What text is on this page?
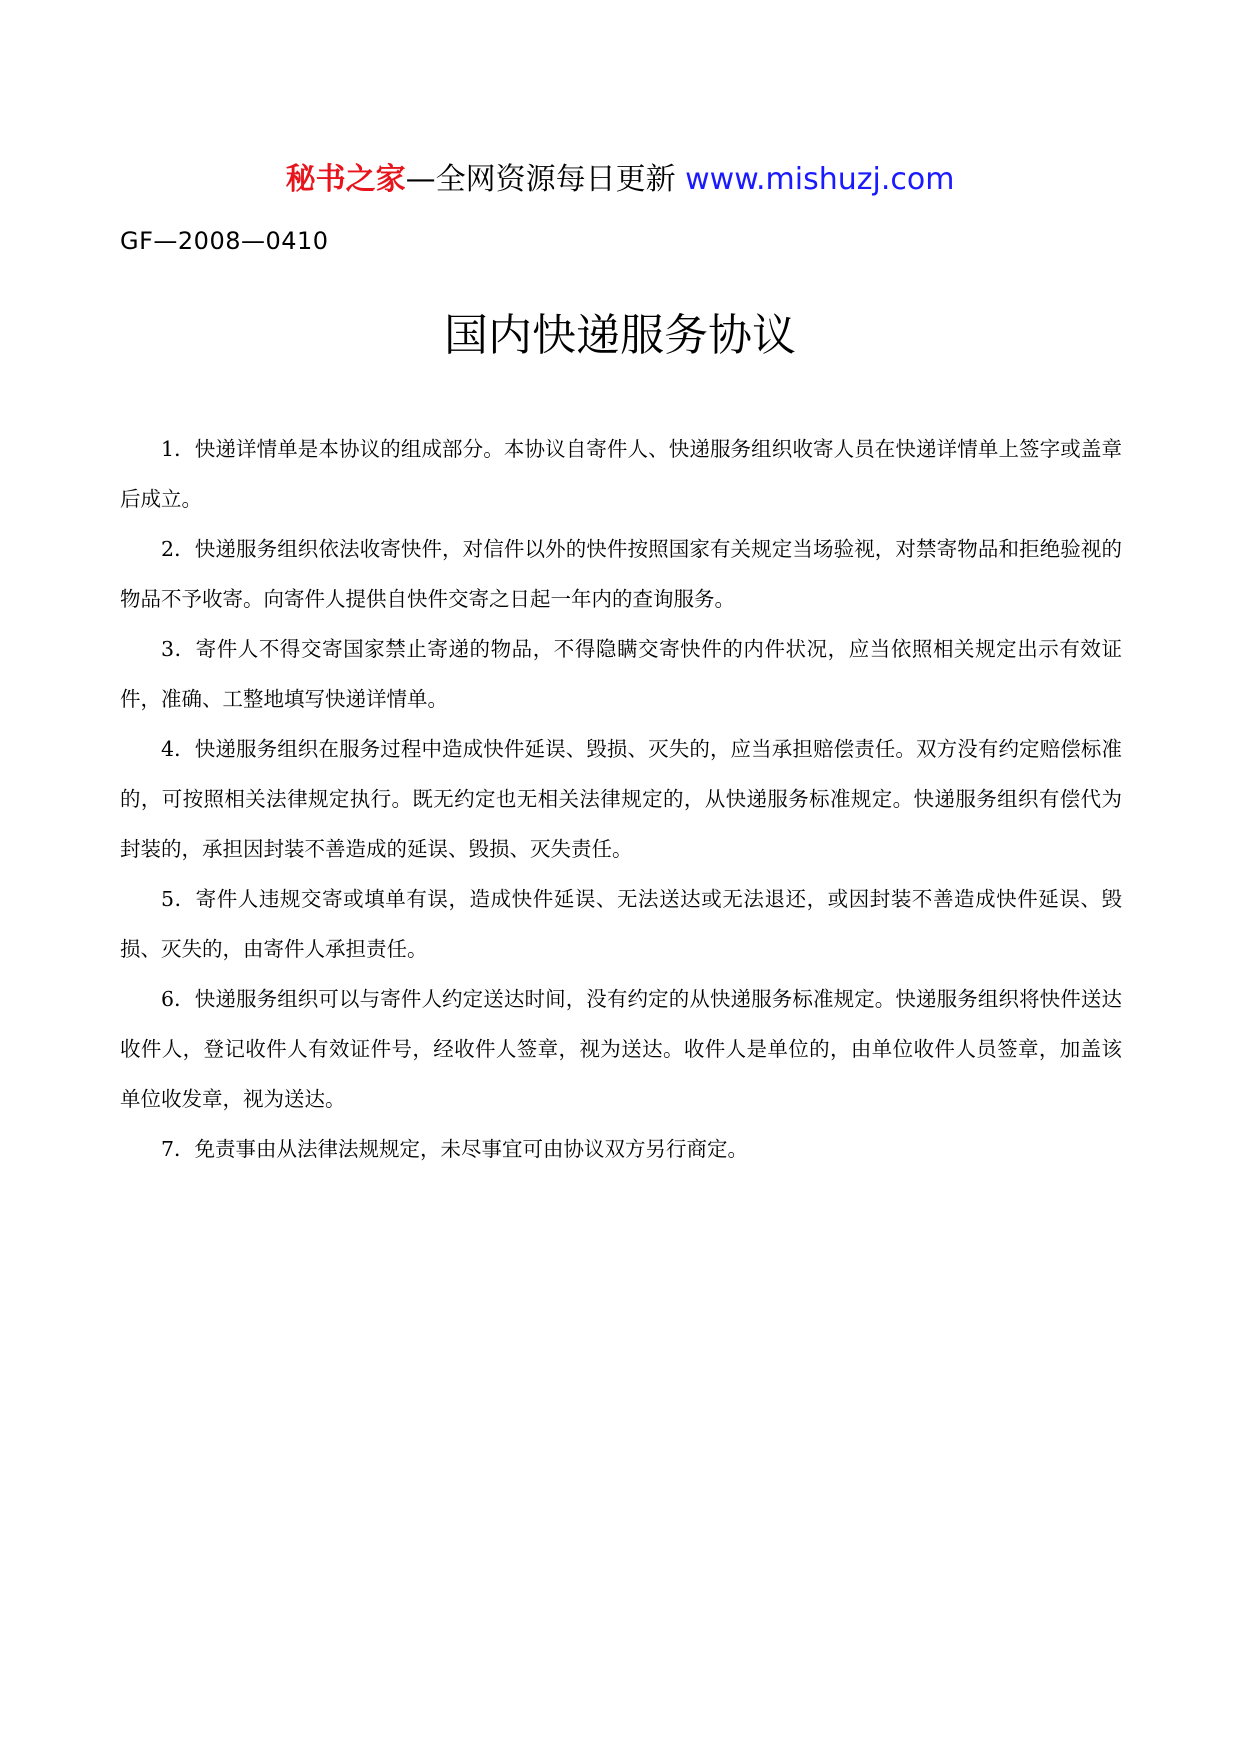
秘书之家—全网资源每日更新 www.mishuzj.com
GF—2008—0410
国内快递服务协议

1．快递详情单是本协议的组成部分。本协议自寄件人、快递服务组织收寄人员在快递详情单上签字或盖章后成立。

2．快递服务组织依法收寄快件，对信件以外的快件按照国家有关规定当场验视，对禁寄物品和拒绝验视的物品不予收寄。向寄件人提供自快件交寄之日起一年内的查询服务。

3．寄件人不得交寄国家禁止寄递的物品，不得隐瞒交寄快件的内件状况，应当依照相关规定出示有效证件，准确、工整地填写快递详情单。

4．快递服务组织在服务过程中造成快件延误、毁损、灭失的，应当承担赔偿责任。双方没有约定赔偿标准的，可按照相关法律规定执行。既无约定也无相关法律规定的，从快递服务标准规定。快递服务组织有偿代为封装的，承担因封装不善造成的延误、毁损、灭失责任。

5．寄件人违规交寄或填单有误，造成快件延误、无法送达或无法退还，或因封装不善造成快件延误、毁损、灭失的，由寄件人承担责任。

6．快递服务组织可以与寄件人约定送达时间，没有约定的从快递服务标准规定。快递服务组织将快件送达收件人，登记收件人有效证件号，经收件人签章，视为送达。收件人是单位的，由单位收件人员签章，加盖该单位收发章，视为送达。

7．免责事由从法律法规规定，未尽事宜可由协议双方另行商定。
